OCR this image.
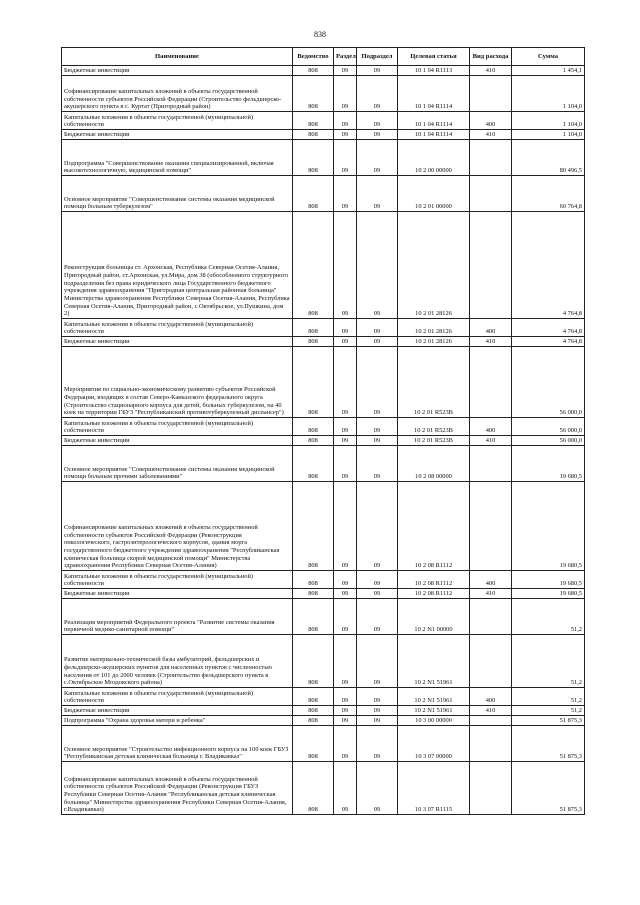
838
Наименование	Ведомство	Раздел	Подраздел	Целевая статья	Вид расхода	Сумма
Бюджетные инвестиции	808	09	09	10 1 04 R1113	410	1 454,1
Софинансирование капитальных вложений в объекты государственной собственности субъектов Российской Федерации (Строительство фельдшерско-акушерского пункта в с. Куртат (Пригородный район)	808	09	09	10 1 04 R1114		1 104,0
Капитальные вложения в объекты государственной (муниципальной) собственности	808	09	09	10 1 04 R1114	400	1 104,0
Бюджетные инвестиции	808	09	09	10 1 04 R1114	410	1 104,0
Подпрограмма "Совершенствование оказания специализированной, включая высокотехнологичную, медицинской помощи"	808	09	09	10 2 00 00000		80 496,5
Основное мероприятие "Совершенствование системы оказания медицинской помощи больным туберкулезом"	808	09	09	10 2 01 00000		60 764,8
Реконструкция больницы ст. Архонская, Республика Северная Осетия-Алания, Пригородный район, ст.Архонская, ул.Мира, дом 38 (обособленного структурного подразделения без права юридического лица Государственного бюджетного учреждения здравоохранения "Пригородная центральная районная больница" Министерства здравоохранения Республики Северная Осетия-Алания, Республика Северная Осетия-Алания, Пригородный район, с.Октябрьское, ул.Пушкина, дом 2)	808	09	09	10 2 01 28126		4 764,8
Капитальные вложения в объекты государственной (муниципальной) собственности	808	09	09	10 2 01 28126	400	4 764,8
Бюджетные инвестиции	808	09	09	10 2 01 28126	410	4 764,8
Мероприятия по социально-экономическому развитию субъектов Российской Федерации, входящих в состав Северо-Кавказского федерального округа (Строительство стационарного корпуса для детей, больных туберкулезом, на 40 коек на территории ГБУЗ "Республиканский противотуберкулезный диспансер")	808	09	09	10 2 01 R523В		56 000,0
Капитальные вложения в объекты государственной (муниципальной) собственности	808	09	09	10 2 01 R523В	400	56 000,0
Бюджетные инвестиции	808	09	09	10 2 01 R523В	410	56 000,0
Основное мероприятие "Совершенствование системы оказания медицинской помощи больным прочими заболеваниями"	808	09	09	10 2 08 00000		19 680,5
Софинансирование капитальных вложений в объекты государственной собственности субъектов Российской Федерации (Реконструкция онкологического, гастроэнтерологического корпусов, здания морга государственного бюджетного учреждения здравоохранения "Республиканская клиническая больница скорой медицинской помощи" Министерства здравоохранения Республики Северная Осетия-Алания)	808	09	09	10 2 08 R1112		19 680,5
Капитальные вложения в объекты государственной (муниципальной) собственности	808	09	09	10 2 08 R1112	400	19 680,5
Бюджетные инвестиции	808	09	09	10 2 08 R1112	410	19 680,5
Реализация мероприятий Федерального проекта "Развитие системы оказания первичной медико-санитарной помощи"	808	09	09	10 2 N1 00000		51,2
Развитие материально-технической базы амбулаторий, фельдшерских и фельдшерско-акушерских пунктов для населенных пунктов с численностью населения от 101 до 2000 человек (Строительство фельдшерского пункта в с.Октябрьское Моздокского района)	808	09	09	10 2 N1 51961		51,2
Капитальные вложения в объекты государственной (муниципальной) собственности	808	09	09	10 2 N1 51961	400	51,2
Бюджетные инвестиции	808	09	09	10 2 N1 51961	410	51,2
Подпрограмма "Охрана здоровья матери и ребенка"	808	09	09	10 3 00 00000		51 875,3
Основное мероприятие "Строительство инфекционного корпуса на 100 коек ГБУЗ "Республиканская детская клиническая больница г. Владикавказ"	808	09	09	10 3 07 00000		51 875,3
Софинансирование капитальных вложений в объекты государственной собственности субъектов Российской Федерации (Реконструкция ГБУЗ Республики Северная Осетия-Алания "Республиканская детская клиническая больница" Министерства здравоохранения Республики Северная Осетия-Алания, г.Владикавказ)	808	09	09	10 3 07 R1115		51 875,3
